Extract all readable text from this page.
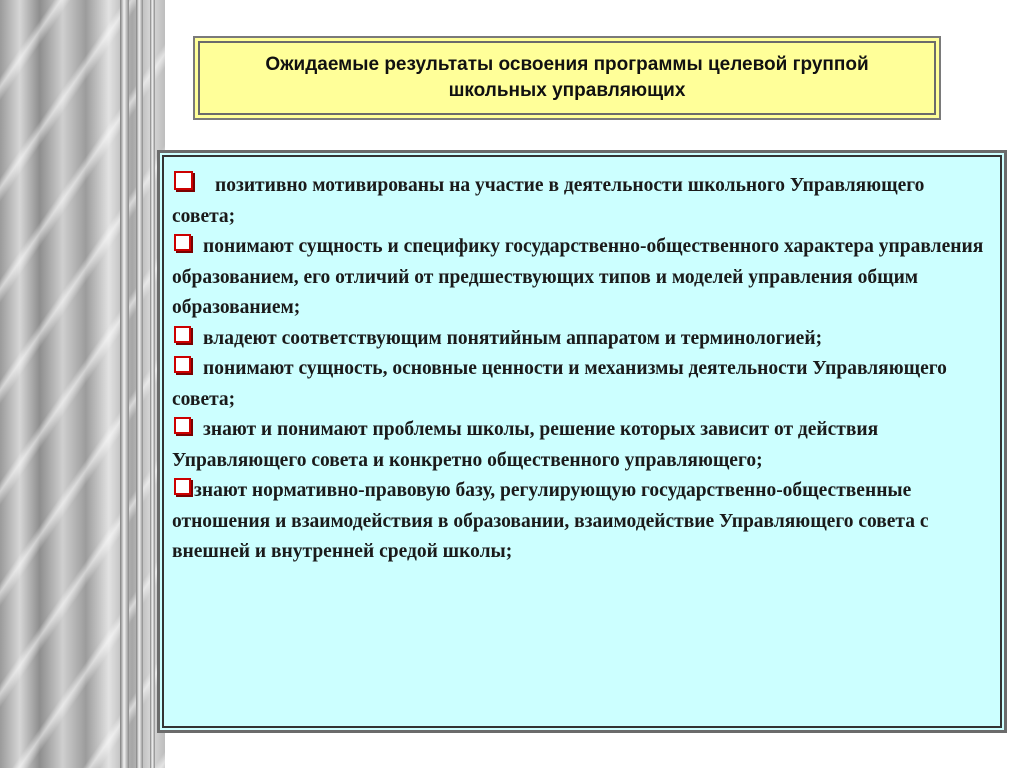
Ожидаемые результаты освоения программы целевой группой школьных управляющих
позитивно мотивированы на участие в деятельности школьного Управляющего совета;
понимают сущность и специфику государственно-общественного характера управления образованием, его отличий от предшествующих типов и моделей управления общим образованием;
владеют соответствующим понятийным аппаратом и терминологией;
понимают сущность, основные ценности и механизмы деятельности Управляющего совета;
знают и понимают проблемы школы, решение которых зависит от действия Управляющего совета и конкретно общественного управляющего;
знают нормативно-правовую базу, регулирующую государственно-общественные отношения и взаимодействия в образовании, взаимодействие Управляющего совета с внешней и внутренней средой школы;
